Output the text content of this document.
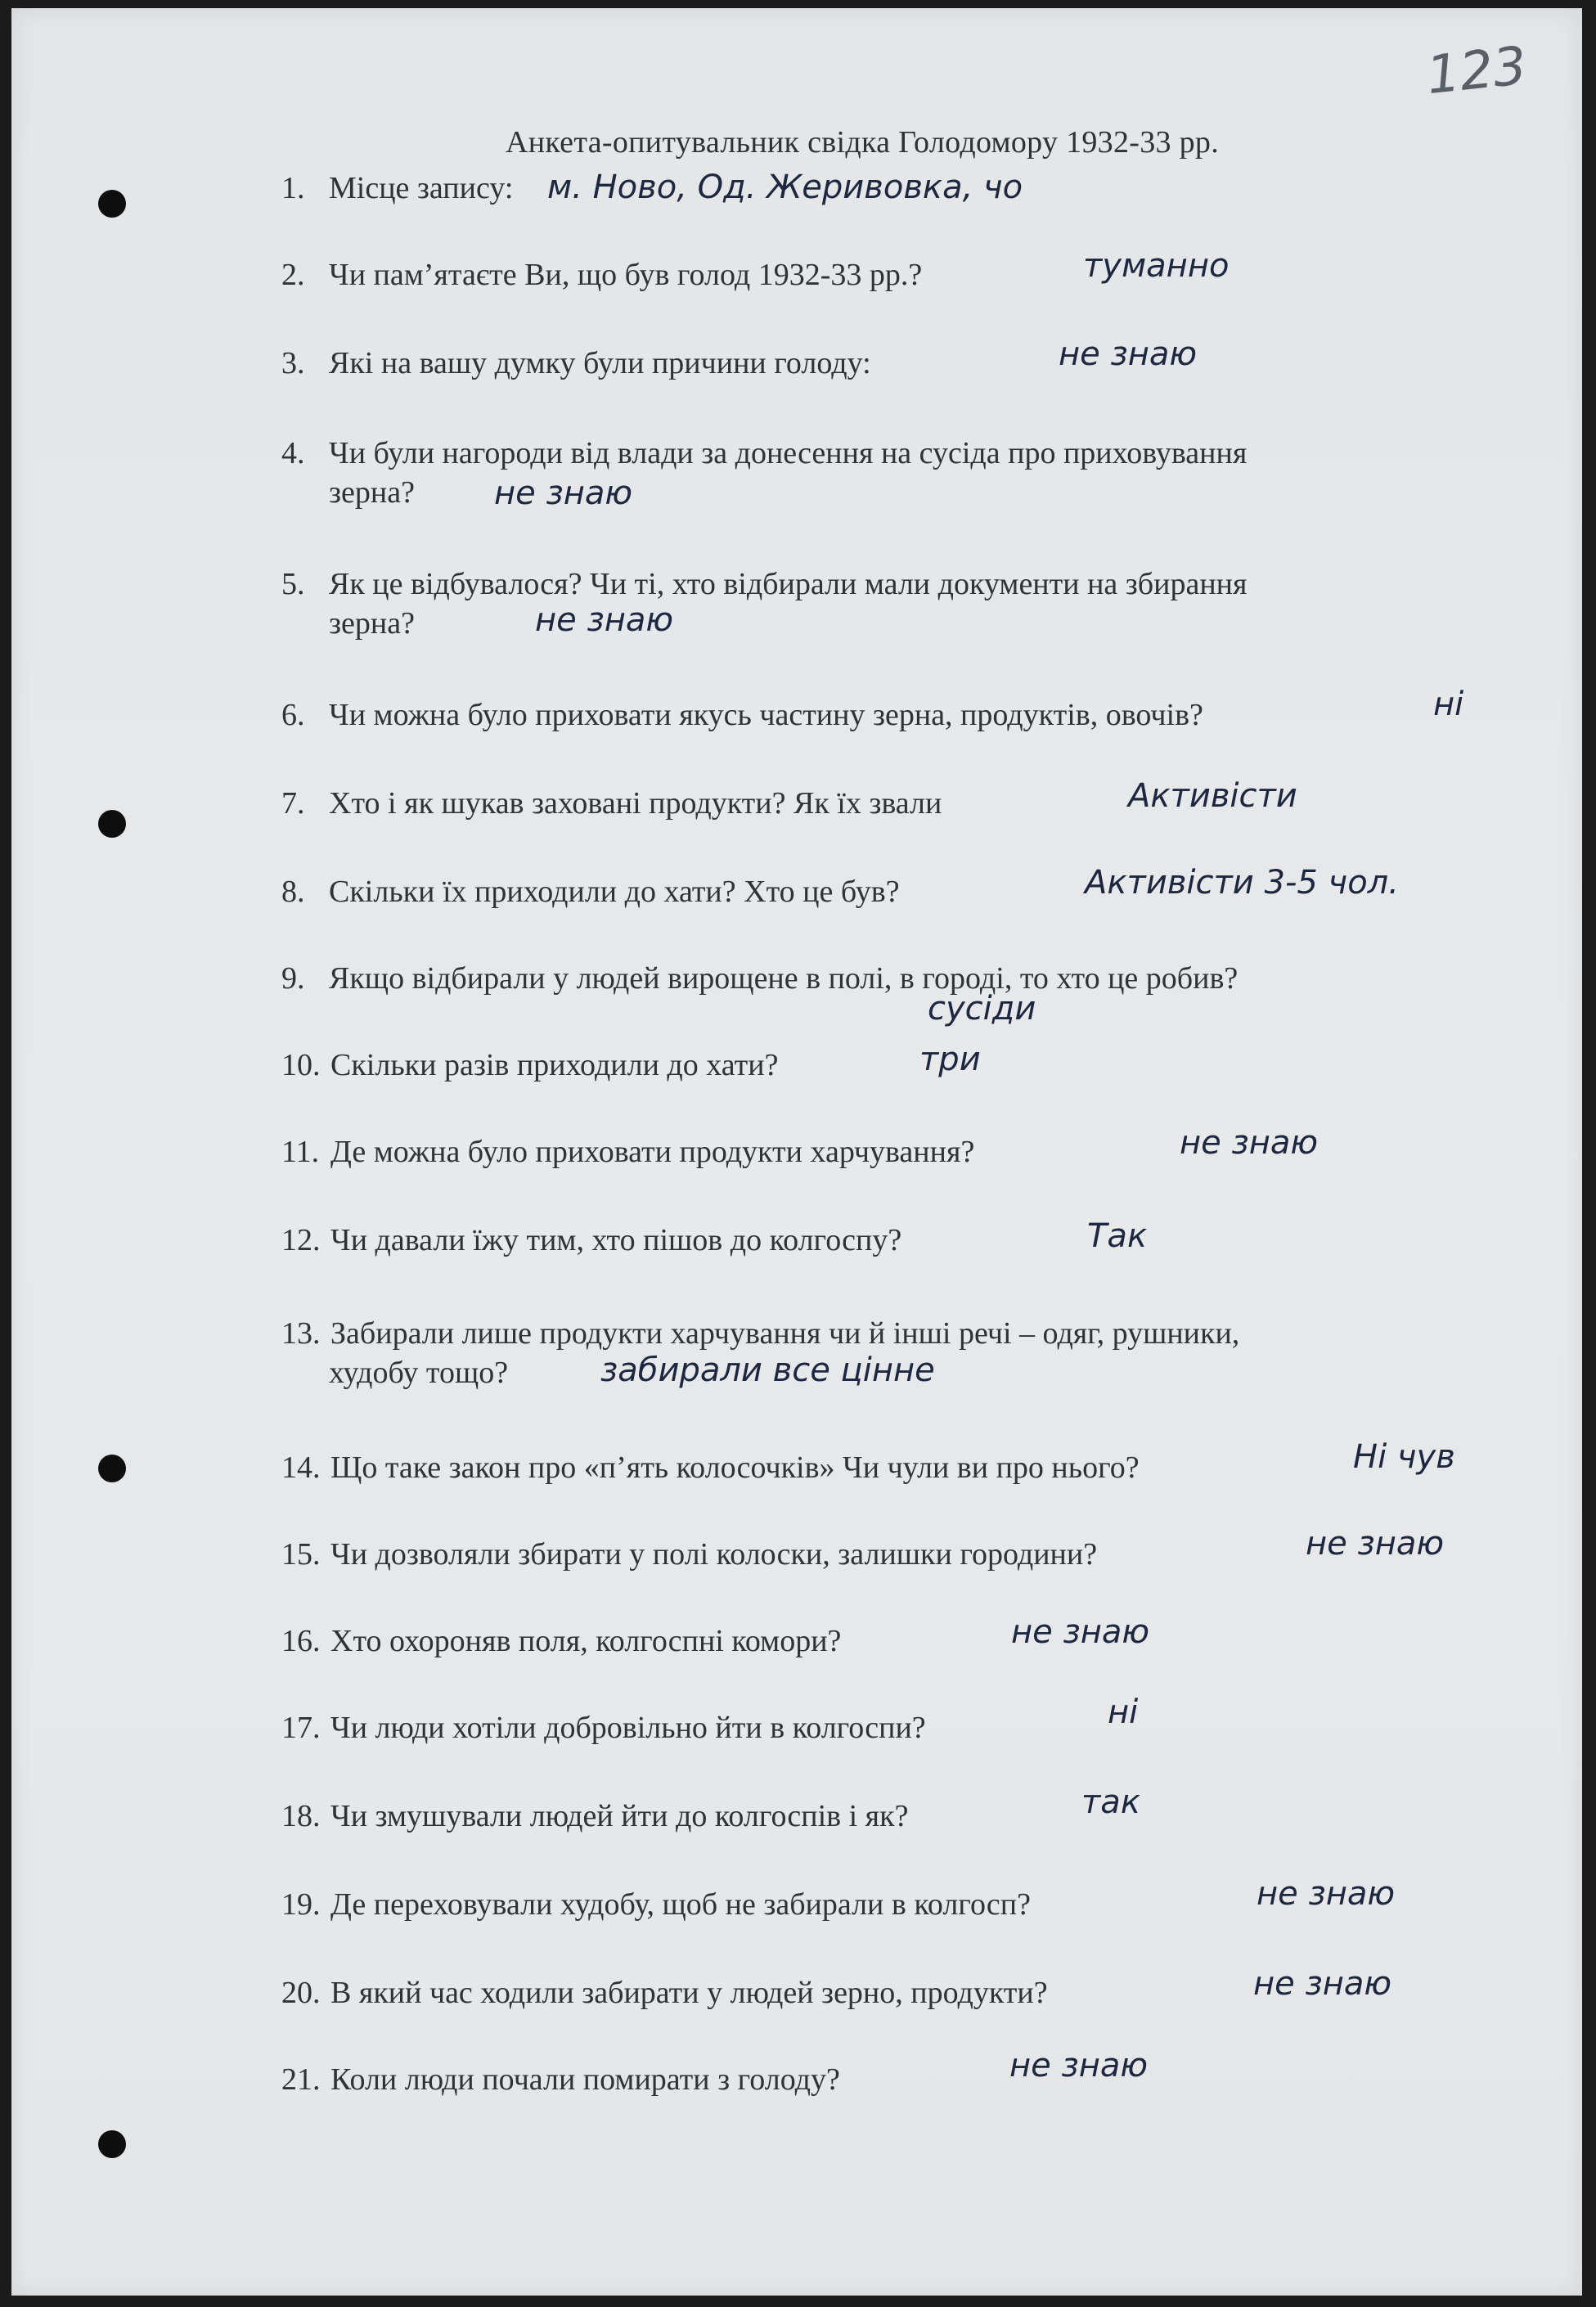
123
Анкета-опитувальник свідка Голодомору 1932-33 рр.
1. Місце запису:	м. Ново, Од. Жеривовка, чо
2. Чи пам’ятаєте Ви, що був голод 1932-33 рр.?	туманно
3. Які на вашу думку були причини голоду:	не знаю
4. Чи були нагороди від влади за донесення на сусіда про приховування
зерна?	не знаю
5. Як це відбувалося? Чи ті, хто відбирали мали документи на збирання
зерна?	не знаю
6. Чи можна було приховати якусь частину зерна, продуктів, овочів?	ні
7. Хто і як шукав заховані продукти? Як їх звали	Активісти
8. Скільки їх приходили до хати? Хто це був?	Активісти 3-5 чол.
9. Якщо відбирали у людей вирощене в полі, в городі, то хто це робив?
сусіди
10. Скільки разів приходили до хати?	три
11. Де можна було приховати продукти харчування?	не знаю
12. Чи давали їжу тим, хто пішов до колгоспу?	Так
13. Забирали лише продукти харчування чи й інші речі – одяг, рушники,
худобу тощо?	забирали все цінне
14. Що таке закон про «п’ять колосочків» Чи чули ви про нього?	Ні чув
15. Чи дозволяли збирати у полі колоски, залишки городини?	не знаю
16. Хто охороняв поля, колгоспні комори?	не знаю
17. Чи люди хотіли добровільно йти в колгоспи?	ні
18. Чи змушували людей йти до колгоспів і як?	так
19. Де переховували худобу, щоб не забирали в колгосп?	не знаю
20. В який час ходили забирати у людей зерно, продукти?	не знаю
21. Коли люди почали помирати з голоду?	не знаю
